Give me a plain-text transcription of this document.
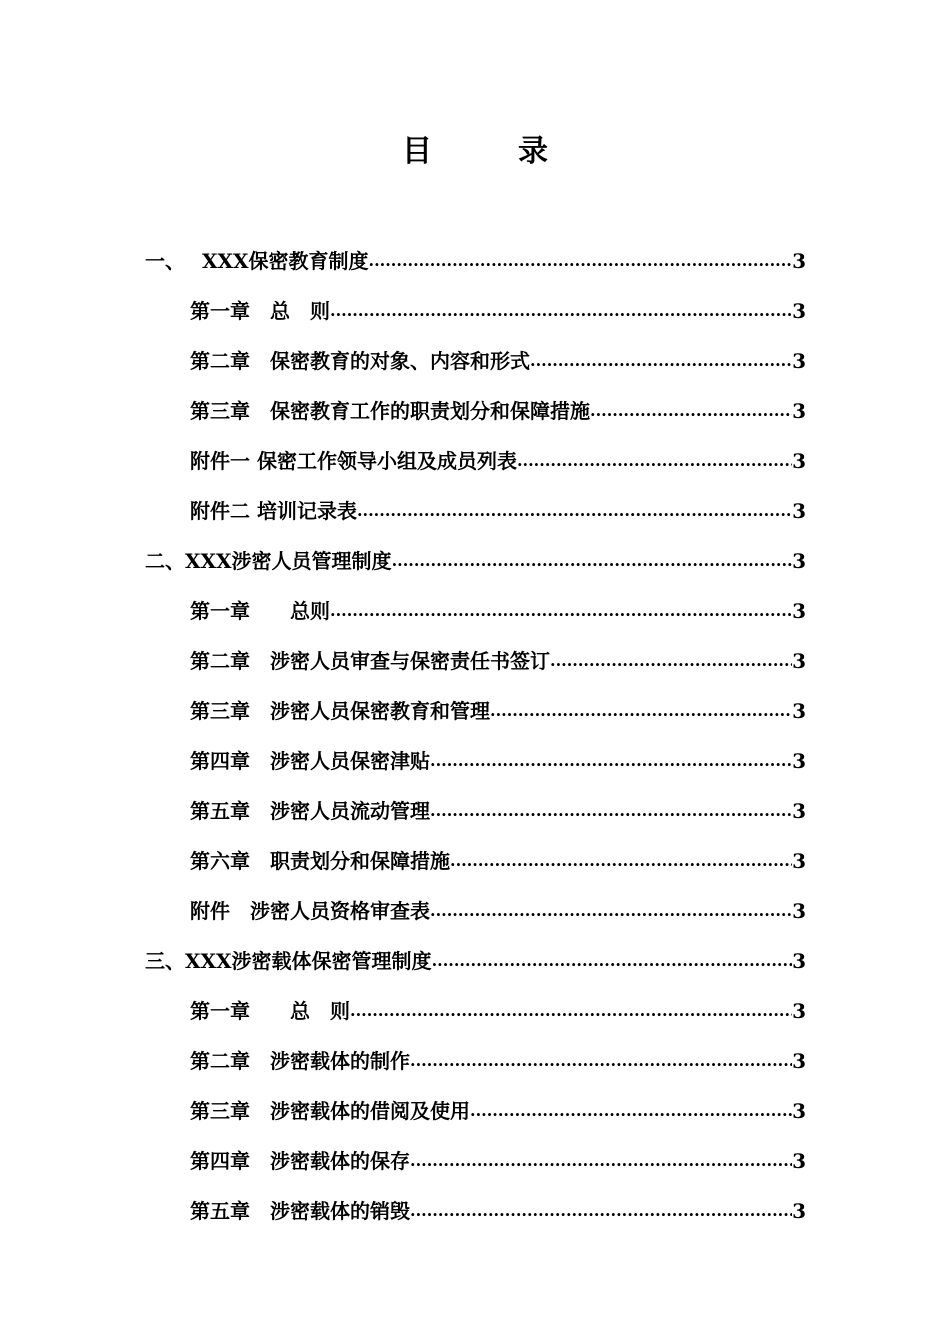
目　录
一、　 XXX保密教育制度 .....	3
第一章　总　则 .....	3
第二章　保密教育的对象、内容和形式 .....	3
第三章　保密教育工作的职责划分和保障措施 .....	3
附件一 保密工作领导小组及成员列表 .....	3
附件二 培训记录表 .....	3
二、XXX涉密人员管理制度 .....	3
第一章　　总则 .....	3
第二章　涉密人员审查与保密责任书签订 .....	3
第三章　涉密人员保密教育和管理 .....	3
第四章　涉密人员保密津贴 .....	3
第五章　涉密人员流动管理 .....	3
第六章　职责划分和保障措施 .....	3
附件　涉密人员资格审查表 .....	3
三、XXX涉密载体保密管理制度 .....	3
第一章　　总　则 .....	3
第二章　涉密载体的制作 .....	3
第三章　涉密载体的借阅及使用 .....	3
第四章　涉密载体的保存 .....	3
第五章　涉密载体的销毁 .....	3
